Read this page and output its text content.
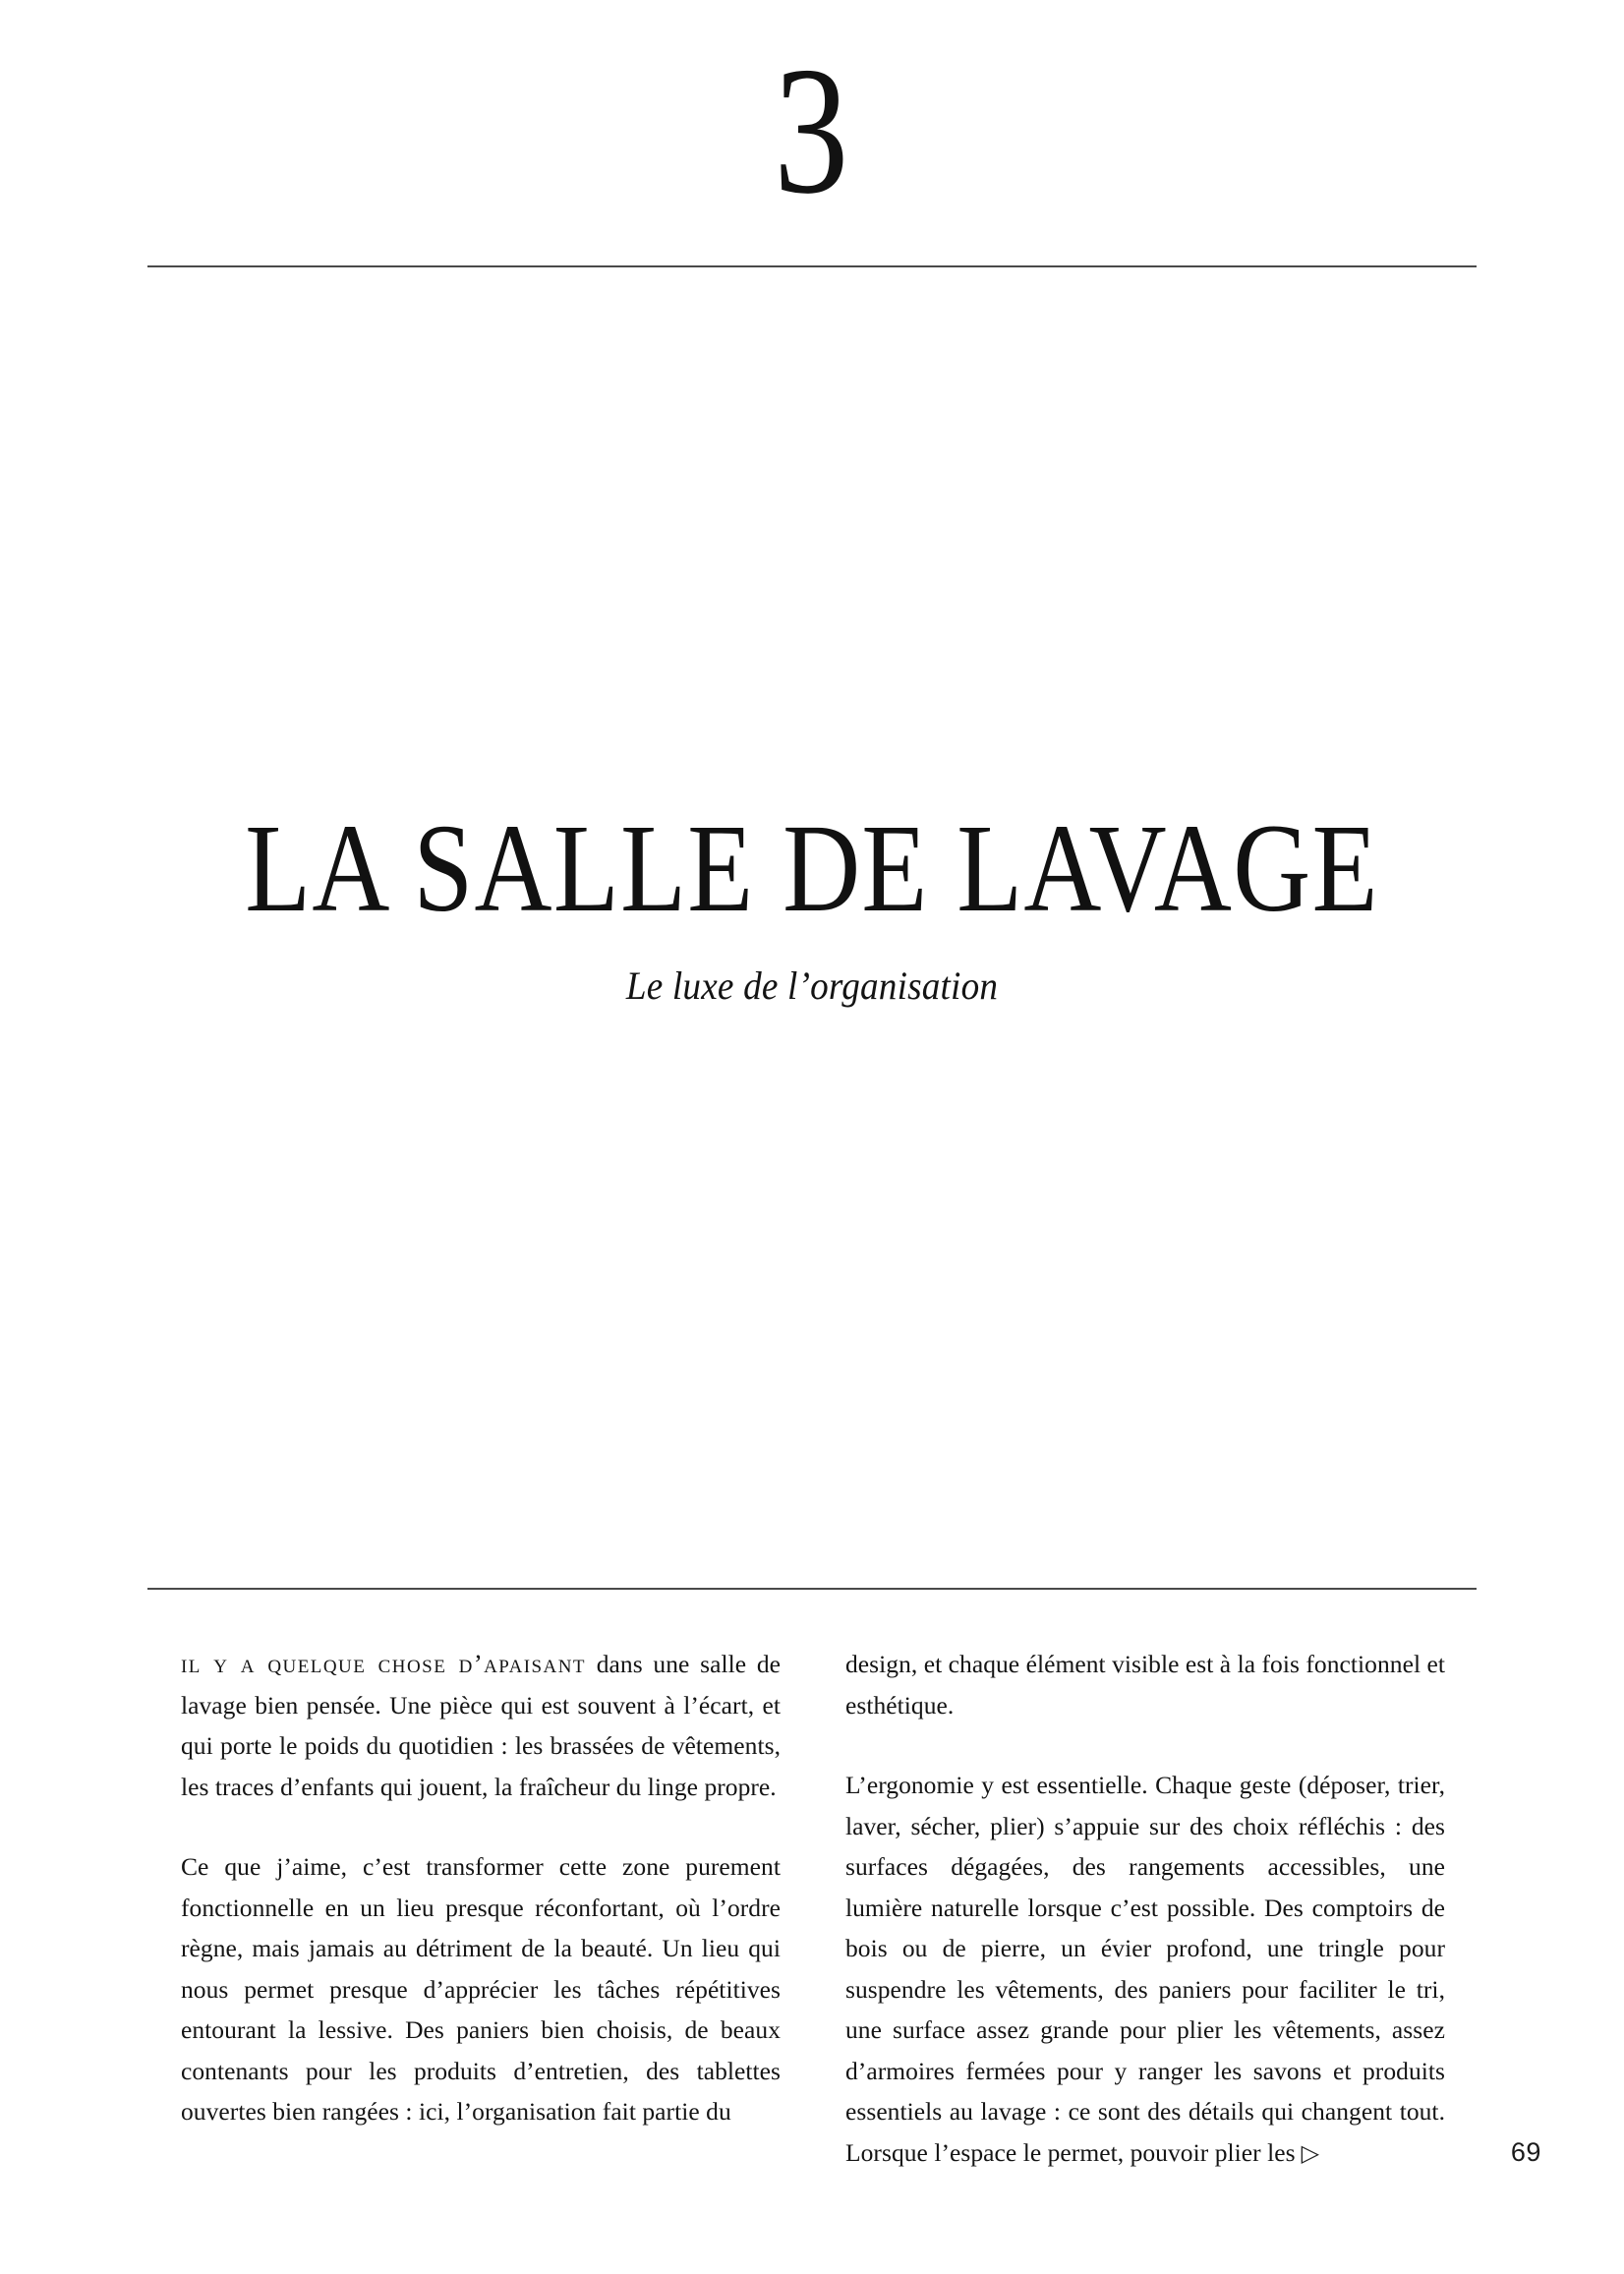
3
LA SALLE DE LAVAGE
Le luxe de l’organisation

il y a quelque chose d’apaisant dans une salle de lavage bien pensée. Une pièce qui est souvent à l’écart, et qui porte le poids du quotidien : les brassées de vêtements, les traces d’enfants qui jouent, la fraîcheur du linge propre.

Ce que j’aime, c’est transformer cette zone purement fonctionnelle en un lieu presque réconfortant, où l’ordre règne, mais jamais au détriment de la beauté. Un lieu qui nous permet presque d’apprécier les tâches répétitives entourant la lessive. Des paniers bien choisis, de beaux contenants pour les produits d’entretien, des tablettes ouvertes bien rangées : ici, l’organisation fait partie du

design, et chaque élément visible est à la fois fonctionnel et esthétique.

L’ergonomie y est essentielle. Chaque geste (déposer, trier, laver, sécher, plier) s’appuie sur des choix réfléchis : des surfaces dégagées, des rangements accessibles, une lumière naturelle lorsque c’est possible. Des comptoirs de bois ou de pierre, un évier profond, une tringle pour suspendre les vêtements, des paniers pour faciliter le tri, une surface assez grande pour plier les vêtements, assez d’armoires fermées pour y ranger les savons et produits essentiels au lavage : ce sont des détails qui changent tout. Lorsque l’espace le permet, pouvoir plier les ▷	69
